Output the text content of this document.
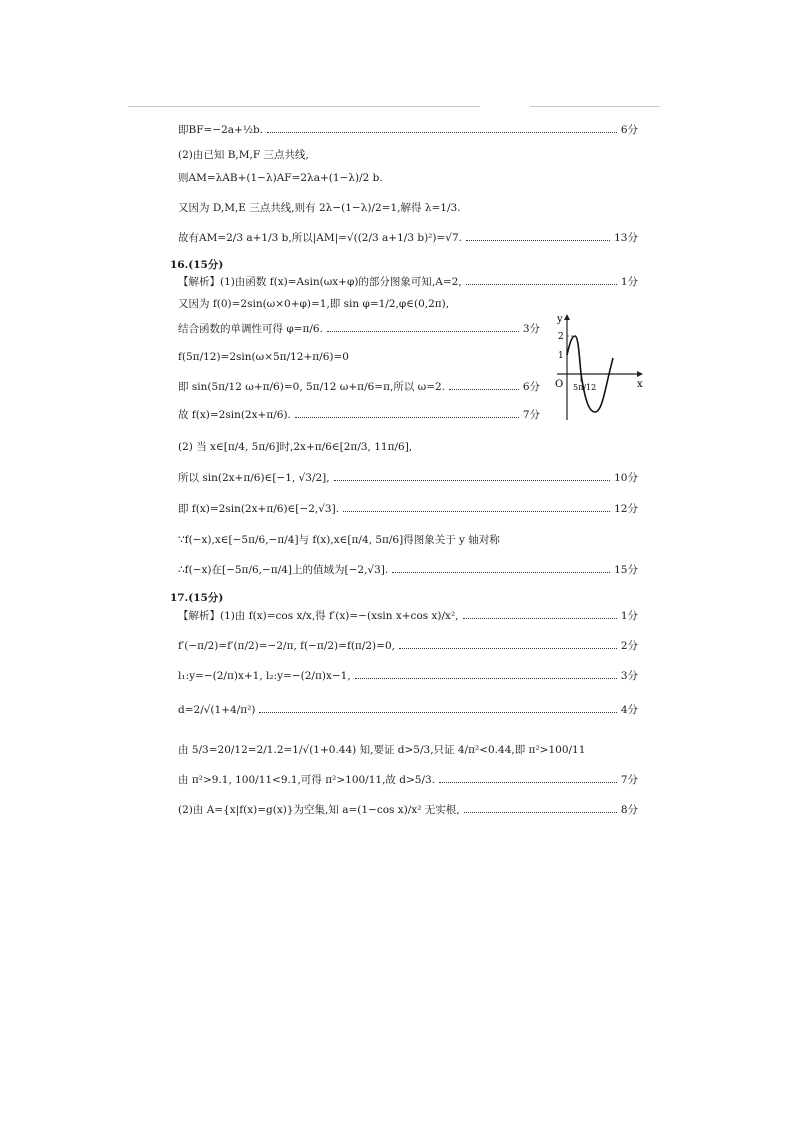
即BF=−2a+½b.	6分
(2)由已知 B,M,F 三点共线,
则AM=λAB+(1−λ)AF=2λa+(1−λ)/2 b.
又因为 D,M,E 三点共线,则有 2λ−(1−λ)/2=1,解得 λ=1/3.
故有AM=2/3 a+1/3 b,所以|AM|=√((2/3 a+1/3 b)²)=√7.	13分
16.(15分)
【解析】(1)由函数 f(x)=Asin(ωx+φ)的部分图象可知,A=2,	1分
又因为 f(0)=2sin(ω×0+φ)=1,即 sin φ=1/2,φ∈(0,2π),
结合函数的单调性可得 φ=π/6.	3分
f(5π/12)=2sin(ω×5π/12+π/6)=0
即 sin(5π/12 ω+π/6)=0, 5π/12 ω+π/6=π,所以 ω=2.	6分
故 f(x)=2sin(2x+π/6).	7分
y
x
O
2
1
5π/12
(2) 当 x∈[π/4, 5π/6]时,2x+π/6∈[2π/3, 11π/6],
所以 sin(2x+π/6)∈[−1, √3/2],	10分
即 f(x)=2sin(2x+π/6)∈[−2,√3].	12分
∵f(−x),x∈[−5π/6,−π/4]与 f(x),x∈[π/4, 5π/6]得图象关于 y 轴对称
∴f(−x)在[−5π/6,−π/4]上的值域为[−2,√3].	15分
17.(15分)
【解析】(1)由 f(x)=cos x/x,得 f′(x)=−(xsin x+cos x)/x²,	1分
f′(−π/2)=f′(π/2)=−2/π, f(−π/2)=f(π/2)=0,	2分
l₁:y=−(2/π)x+1, l₂:y=−(2/π)x−1,	3分
d=2/√(1+4/π²)	4分
由 5/3=20/12=2/1.2=1/√(1+0.44) 知,要证 d>5/3,只证 4/π²<0.44,即 π²>100/11
由 π²>9.1, 100/11<9.1,可得 π²>100/11,故 d>5/3.	7分
(2)由 A={x|f(x)=g(x)}为空集,知 a=(1−cos x)/x² 无实根,	8分
